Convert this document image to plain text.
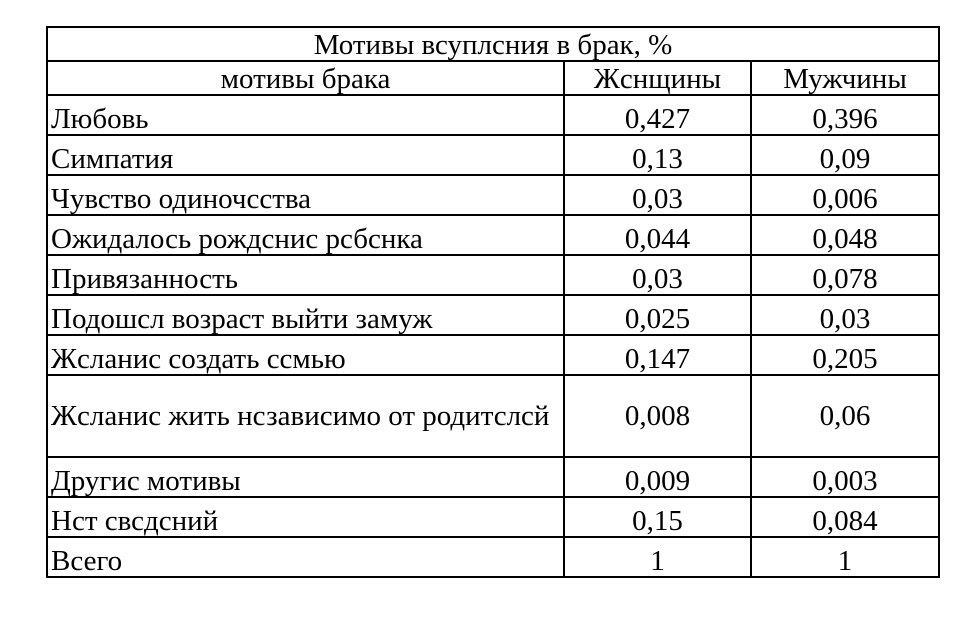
Мотивы всуплсния в брак, %		
мотивы брака	Жснщины	Мужчины
Любовь	0,427	0,396
Симпатия	0,13	0,09
Чувство одиночсства	0,03	0,006
Ожидалось рождснис рсбснка	0,044	0,048
Привязанность	0,03	0,078
Подошсл возраст выйти замуж	0,025	0,03
Жсланис создать ссмью	0,147	0,205
Жсланис жить нсзависимо от родитслсй	0,008	0,06
Другис мотивы	0,009	0,003
Нст свсдсний	0,15	0,084
Всего	1	1
